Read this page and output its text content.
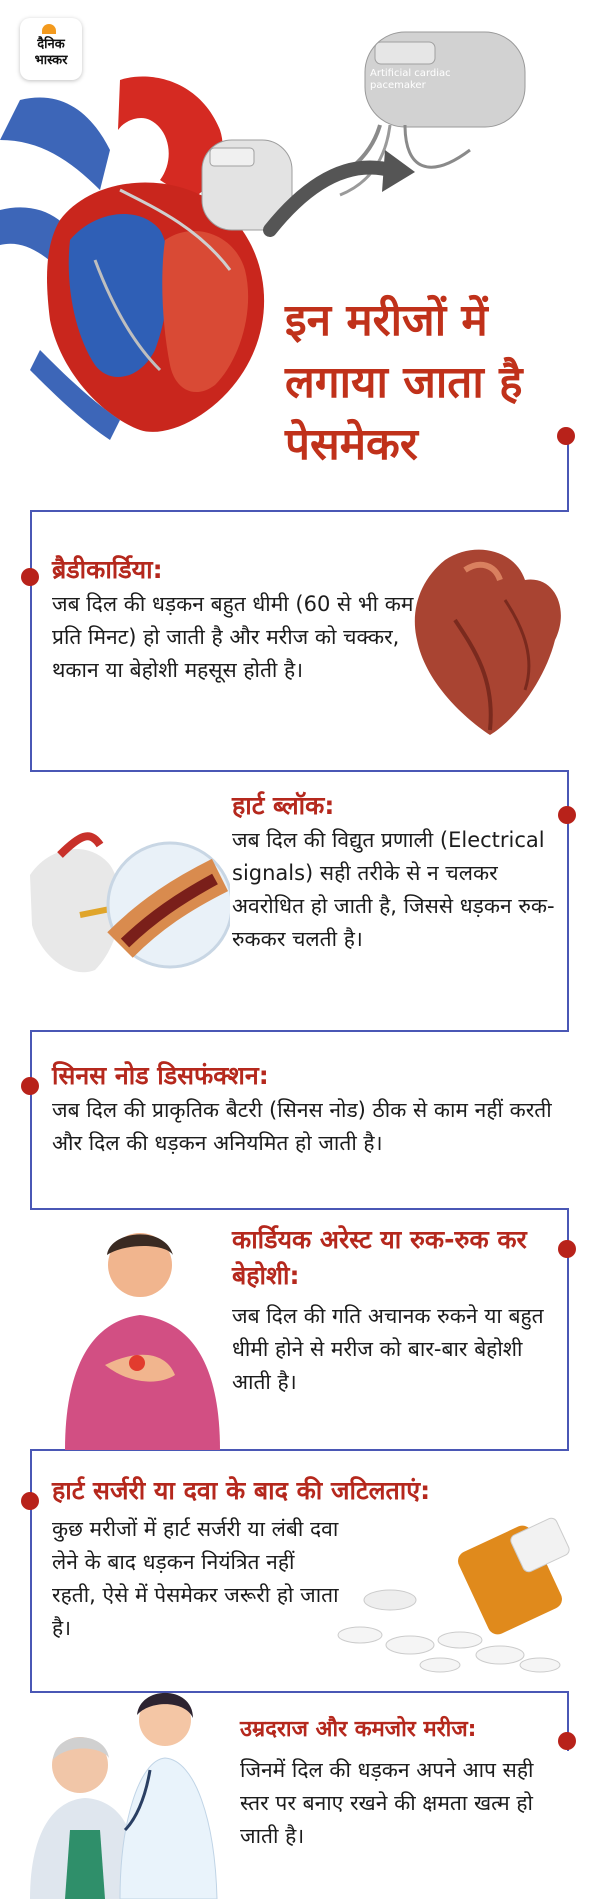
दैनिक
भास्कर
Artificial cardiac
pacemaker
इन मरीजों में
लगाया जाता है
पेसमेकर
ब्रैडीकार्डिया:
जब दिल की धड़कन बहुत धीमी (60 से भी कम प्रति मिनट) हो जाती है और मरीज को चक्कर, थकान या बेहोशी महसूस होती है।
हार्ट ब्लॉक:
जब दिल की विद्युत प्रणाली (Electrical signals) सही तरीके से न चलकर अवरोधित हो जाती है, जिससे धड़कन रुक-रुककर चलती है।
सिनस नोड डिसफंक्शन:
जब दिल की प्राकृतिक बैटरी (सिनस नोड) ठीक से काम नहीं करती और दिल की धड़कन अनियमित हो जाती है।
कार्डियक अरेस्ट या रुक-रुक कर बेहोशी:
जब दिल की गति अचानक रुकने या बहुत धीमी होने से मरीज को बार-बार बेहोशी आती है।
हार्ट सर्जरी या दवा के बाद की जटिलताएं:
कुछ मरीजों में हार्ट सर्जरी या लंबी दवा लेने के बाद धड़कन नियंत्रित नहीं रहती, ऐसे में पेसमेकर जरूरी हो जाता है।
उम्रदराज और कमजोर मरीज:
जिनमें दिल की धड़कन अपने आप सही स्तर पर बनाए रखने की क्षमता खत्म हो जाती है।
